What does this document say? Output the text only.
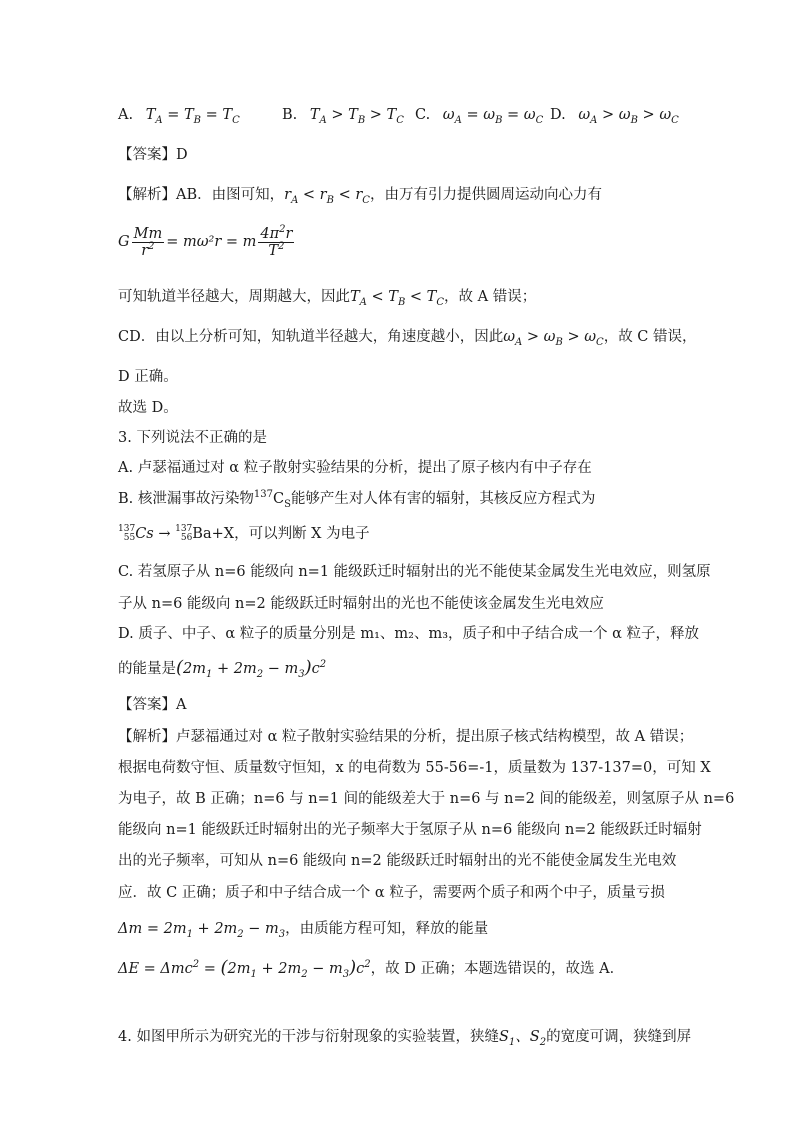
A. $T_A = T_B = T_C$	B. $T_A > T_B > T_C$ C. $\omega_A = \omega_B = \omega_C$ D. $\omega_A > \omega_B > \omega_C$
【答案】D
【解析】AB．由图可知，$r_A < r_B < r_C$，由万有引力提供圆周运动向心力有
G $\frac{Mm}{r^2} = m\omega^2r = m \frac{4\pi^2r}{T^2}$
可知轨道半径越大，周期越大，因此$T_A < T_B < T_C$，故 A 错误；
CD．由以上分析可知，知轨道半径越大，角速度越小，因此$\omega_A > \omega_B > \omega_C$，故 C 错误，
D 正确。
故选 D。
3. 下列说法不正确的是
A. 卢瑟福通过对 α 粒子散射实验结果的分析，提出了原子核内有中子存在
B. 核泄漏事故污染物$^{137}C_S$能够产生对人体有害的辐射，其核反应方程式为
137
55Cs → 137
56Ba+X，可以判断 X 为电子
C. 若氢原子从 n=6 能级向 n=1 能级跃迁时辐射出的光不能使某金属发生光电效应，则氢原
子从 n=6 能级向 n=2 能级跃迁时辐射出的光也不能使该金属发生光电效应
D. 质子、中子、α 粒子的质量分别是 m₁、m₂、m₃，质子和中子结合成一个 α 粒子，释放
的能量是$(2m_1 + 2m_2 - m_3)c^2$
【答案】A
【解析】卢瑟福通过对 α 粒子散射实验结果的分析，提出原子核式结构模型，故 A 错误；
根据电荷数守恒、质量数守恒知，x 的电荷数为 55-56=-1，质量数为 137-137=0，可知 X
为电子，故 B 正确；n=6 与 n=1 间的能级差大于 n=6 与 n=2 间的能级差，则氢原子从 n=6
能级向 n=1 能级跃迁时辐射出的光子频率大于氢原子从 n=6 能级向 n=2 能级跃迁时辐射
出的光子频率，可知从 n=6 能级向 n=2 能级跃迁时辐射出的光不能使金属发生光电效
应．故 C 正确；质子和中子结合成一个 α 粒子，需要两个质子和两个中子，质量亏损
$\Delta m = 2m_1 + 2m_2 - m_3$，由质能方程可知，释放的能量
$\Delta E = \Delta mc^2 = (2m_1 + 2m_2 - m_3)c^2$，故 D 正确；本题选错误的，故选 A．
4. 如图甲所示为研究光的干涉与衍射现象的实验装置，狭缝$S_1$、$S_2$的宽度可调，狭缝到屏
